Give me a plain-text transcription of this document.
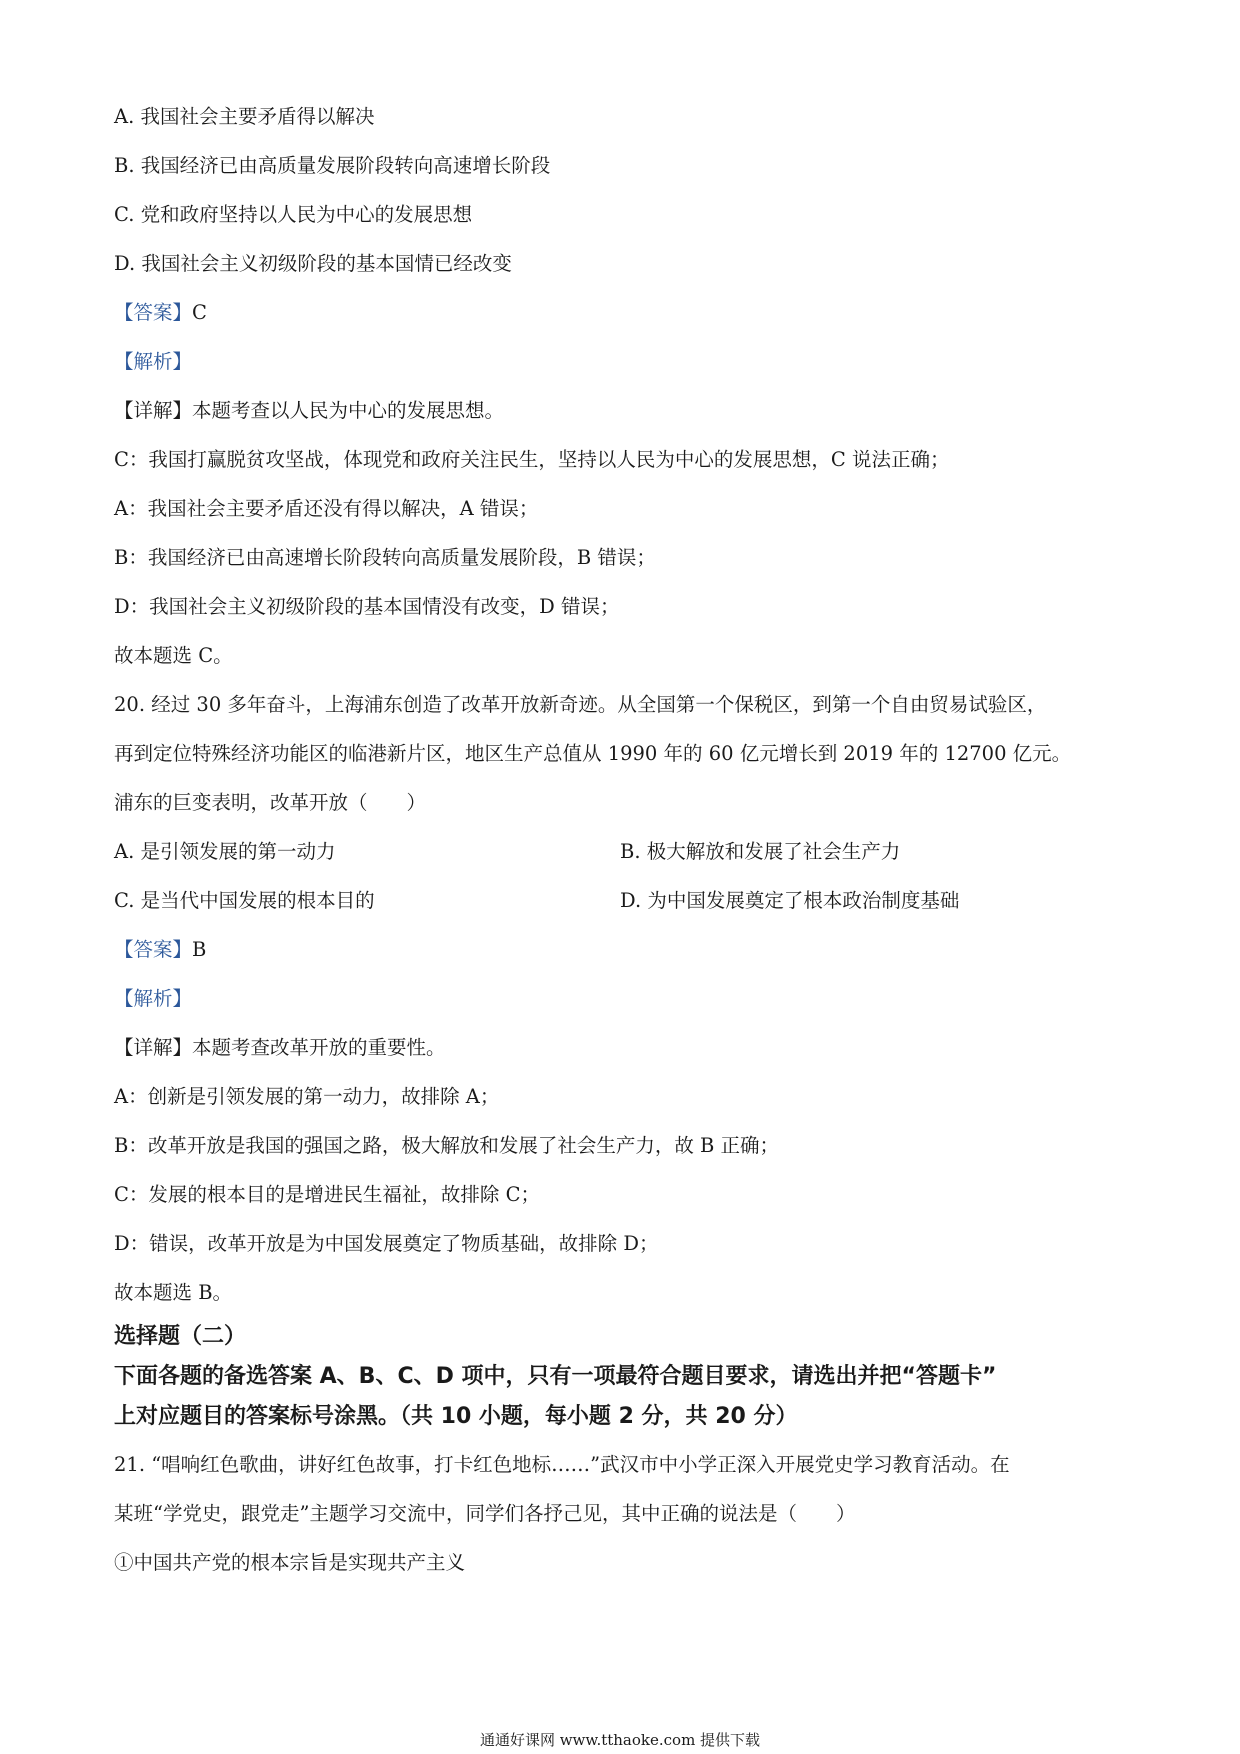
A. 我国社会主要矛盾得以解决
B. 我国经济已由高质量发展阶段转向高速增长阶段
C. 党和政府坚持以人民为中心的发展思想
D. 我国社会主义初级阶段的基本国情已经改变
【答案】C
【解析】
【详解】本题考查以人民为中心的发展思想。
C：我国打赢脱贫攻坚战，体现党和政府关注民生，坚持以人民为中心的发展思想，C 说法正确；
A：我国社会主要矛盾还没有得以解决，A 错误；
B：我国经济已由高速增长阶段转向高质量发展阶段，B 错误；
D：我国社会主义初级阶段的基本国情没有改变，D 错误；
故本题选 C。
20. 经过 30 多年奋斗，上海浦东创造了改革开放新奇迹。从全国第一个保税区，到第一个自由贸易试验区，
再到定位特殊经济功能区的临港新片区，地区生产总值从 1990 年的 60 亿元增长到 2019 年的 12700 亿元。
浦东的巨变表明，改革开放（　　）
A. 是引领发展的第一动力	B. 极大解放和发展了社会生产力
C. 是当代中国发展的根本目的	D. 为中国发展奠定了根本政治制度基础
【答案】B
【解析】
【详解】本题考查改革开放的重要性。
A：创新是引领发展的第一动力，故排除 A；
B：改革开放是我国的强国之路，极大解放和发展了社会生产力，故 B 正确；
C：发展的根本目的是增进民生福祉，故排除 C；
D：错误，改革开放是为中国发展奠定了物质基础，故排除 D；
故本题选 B。
选择题（二）
下面各题的备选答案 A、B、C、D 项中，只有一项最符合题目要求，请选出并把“答题卡”
上对应题目的答案标号涂黑。（共 10 小题，每小题 2 分，共 20 分）
21. “唱响红色歌曲，讲好红色故事，打卡红色地标……”武汉市中小学正深入开展党史学习教育活动。在
某班“学党史，跟党走”主题学习交流中，同学们各抒己见，其中正确的说法是（　　）
①中国共产党的根本宗旨是实现共产主义
通通好课网 www.tthaoke.com 提供下载
